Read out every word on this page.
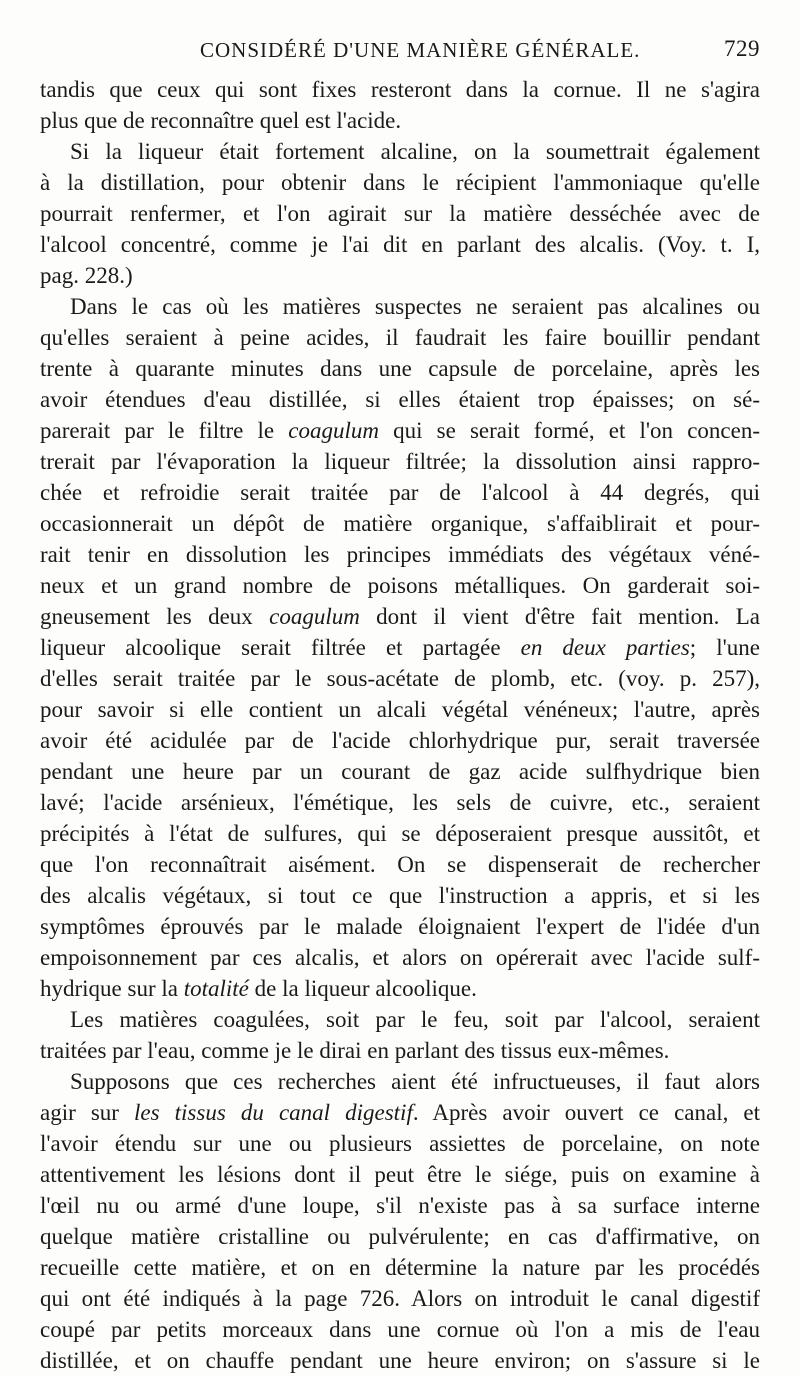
CONSIDÉRÉ D'UNE MANIÈRE GÉNÉRALE.	729
tandis que ceux qui sont fixes resteront dans la cornue. Il ne s'agira
plus que de reconnaître quel est l'acide.
Si la liqueur était fortement alcaline, on la soumettrait également
à la distillation, pour obtenir dans le récipient l'ammoniaque qu'elle
pourrait renfermer, et l'on agirait sur la matière desséchée avec de
l'alcool concentré, comme je l'ai dit en parlant des alcalis. (Voy. t. I,
pag. 228.)
Dans le cas où les matières suspectes ne seraient pas alcalines ou
qu'elles seraient à peine acides, il faudrait les faire bouillir pendant
trente à quarante minutes dans une capsule de porcelaine, après les
avoir étendues d'eau distillée, si elles étaient trop épaisses; on sé-
parerait par le filtre le coagulum qui se serait formé, et l'on concen-
trerait par l'évaporation la liqueur filtrée; la dissolution ainsi rappro-
chée et refroidie serait traitée par de l'alcool à 44 degrés, qui
occasionnerait un dépôt de matière organique, s'affaiblirait et pour-
rait tenir en dissolution les principes immédiats des végétaux véné-
neux et un grand nombre de poisons métalliques. On garderait soi-
gneusement les deux coagulum dont il vient d'être fait mention. La
liqueur alcoolique serait filtrée et partagée en deux parties; l'une
d'elles serait traitée par le sous-acétate de plomb, etc. (voy. p. 257),
pour savoir si elle contient un alcali végétal vénéneux; l'autre, après
avoir été acidulée par de l'acide chlorhydrique pur, serait traversée
pendant une heure par un courant de gaz acide sulfhydrique bien
lavé; l'acide arsénieux, l'émétique, les sels de cuivre, etc., seraient
précipités à l'état de sulfures, qui se déposeraient presque aussitôt, et
que l'on reconnaîtrait aisément. On se dispenserait de rechercher
des alcalis végétaux, si tout ce que l'instruction a appris, et si les
symptômes éprouvés par le malade éloignaient l'expert de l'idée d'un
empoisonnement par ces alcalis, et alors on opérerait avec l'acide sulf-
hydrique sur la totalité de la liqueur alcoolique.
Les matières coagulées, soit par le feu, soit par l'alcool, seraient
traitées par l'eau, comme je le dirai en parlant des tissus eux-mêmes.
Supposons que ces recherches aient été infructueuses, il faut alors
agir sur les tissus du canal digestif. Après avoir ouvert ce canal, et
l'avoir étendu sur une ou plusieurs assiettes de porcelaine, on note
attentivement les lésions dont il peut être le siége, puis on examine à
l'œil nu ou armé d'une loupe, s'il n'existe pas à sa surface interne
quelque matière cristalline ou pulvérulente; en cas d'affirmative, on
recueille cette matière, et on en détermine la nature par les procédés
qui ont été indiqués à la page 726. Alors on introduit le canal digestif
coupé par petits morceaux dans une cornue où l'on a mis de l'eau
distillée, et on chauffe pendant une heure environ; on s'assure si le
